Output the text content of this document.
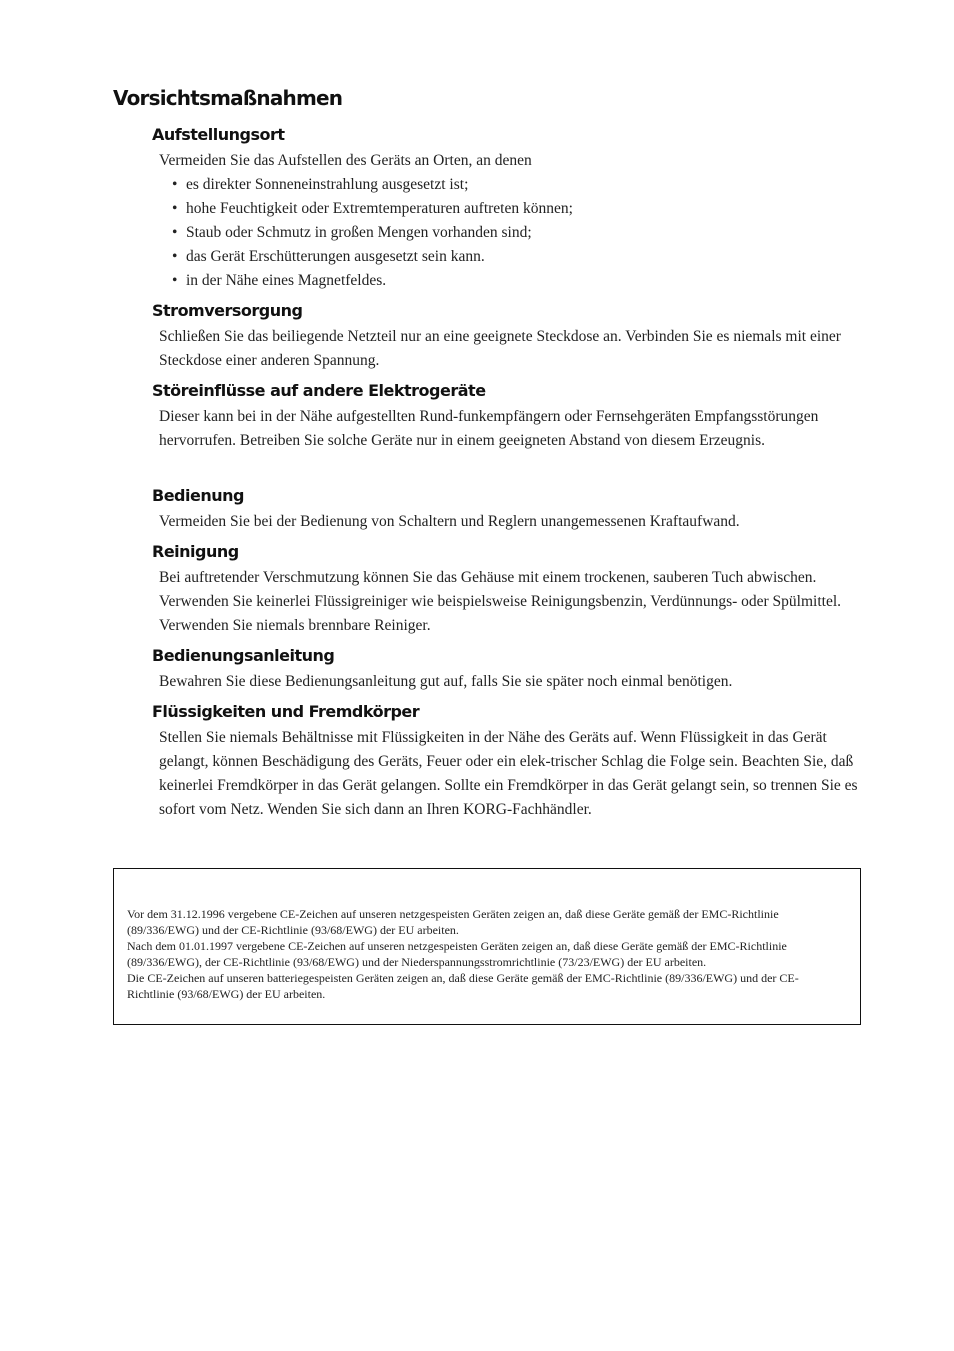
Vorsichtsmaßnahmen
Aufstellungsort

Vermeiden Sie das Aufstellen des Geräts an Orten, an denen

• es direkter Sonneneinstrahlung ausgesetzt ist;
• hohe Feuchtigkeit oder Extremtemperaturen auftreten können;
• Staub oder Schmutz in großen Mengen vorhanden sind;
• das Gerät Erschütterungen ausgesetzt sein kann.
• in der Nähe eines Magnetfeldes.
Stromversorgung

Schließen Sie das beiliegende Netzteil nur an eine geeignete Steckdose an. Verbinden Sie es niemals mit einer Steckdose einer anderen Spannung.

Störeinflüsse auf andere Elektrogeräte

Dieser kann bei in der Nähe aufgestellten Rund-funkempfängern oder Fernsehgeräten Empfangsstörungen hervorrufen. Betreiben Sie solche Geräte nur in einem geeigneten Abstand von diesem Erzeugnis.

Bedienung

Vermeiden Sie bei der Bedienung von Schaltern und Reglern unangemessenen Kraftaufwand.

Reinigung

Bei auftretender Verschmutzung können Sie das Gehäuse mit einem trockenen, sauberen Tuch abwischen. Verwenden Sie keinerlei Flüssigreiniger wie beispielsweise Reinigungsbenzin, Verdünnungs- oder Spülmittel. Verwenden Sie niemals brennbare Reiniger.

Bedienungsanleitung

Bewahren Sie diese Bedienungsanleitung gut auf, falls Sie sie später noch einmal benötigen.

Flüssigkeiten und Fremdkörper

Stellen Sie niemals Behältnisse mit Flüssigkeiten in der Nähe des Geräts auf. Wenn Flüssigkeit in das Gerät gelangt, können Beschädigung des Geräts, Feuer oder ein elek-trischer Schlag die Folge sein. Beachten Sie, daß keinerlei Fremdkörper in das Gerät gelangen. Sollte ein Fremdkörper in das Gerät gelangt sein, so trennen Sie es sofort vom Netz. Wenden Sie sich dann an Ihren KORG-Fachhändler.

Vor dem 31.12.1996 vergebene CE-Zeichen auf unseren netzgespeisten Geräten zeigen an, daß diese Geräte gemäß der EMC-Richtlinie (89/336/EWG) und der CE-Richtlinie (93/68/EWG) der EU arbeiten.

Nach dem 01.01.1997 vergebene CE-Zeichen auf unseren netzgespeisten Geräten zeigen an, daß diese Geräte gemäß der EMC-Richtlinie (89/336/EWG), der CE-Richtlinie (93/68/EWG) und der Niederspannungsstromrichtlinie (73/23/EWG) der EU arbeiten.

Die CE-Zeichen auf unseren batteriegespeisten Geräten zeigen an, daß diese Geräte gemäß der EMC-Richtlinie (89/336/EWG) und der CE-Richtlinie (93/68/EWG) der EU arbeiten.
